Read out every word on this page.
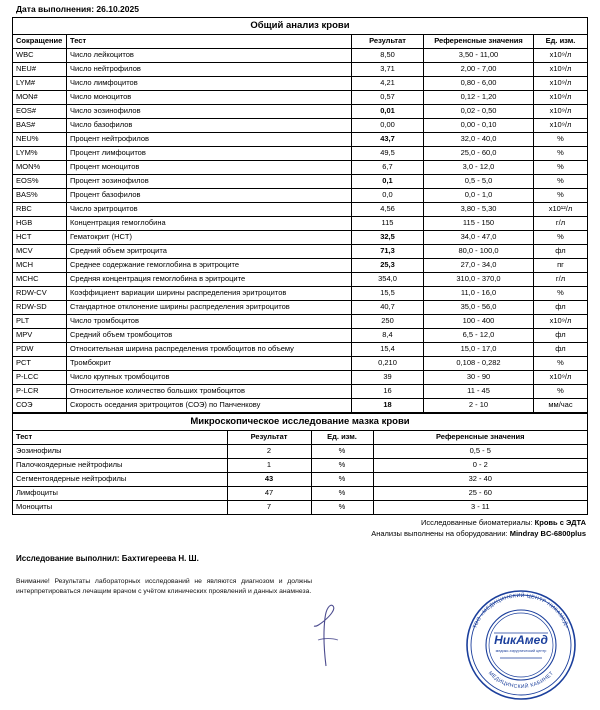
Дата выполнения: 26.10.2025
Общий анализ крови
Сокращение	Тест	Результат	Референсные значения	Ед. изм.
WBC	Число лейкоцитов	8,50	3,50 - 11,00	х10⁹/л
NEU#	Число нейтрофилов	3,71	2,00 - 7,00	х10⁹/л
LYM#	Число лимфоцитов	4,21	0,80 - 6,00	х10⁹/л
MON#	Число моноцитов	0,57	0,12 - 1,20	х10⁹/л
EOS#	Число эозинофилов	0,01	0,02 - 0,50	х10⁹/л
BAS#	Число базофилов	0,00	0,00 - 0,10	х10⁹/л
NEU%	Процент нейтрофилов	43,7	32,0 - 40,0	%
LYM%	Процент лимфоцитов	49,5	25,0 - 60,0	%
MON%	Процент моноцитов	6,7	3,0 - 12,0	%
EOS%	Процент эозинофилов	0,1	0,5 - 5,0	%
BAS%	Процент базофилов	0,0	0,0 - 1,0	%
RBC	Число эритроцитов	4,56	3,80 - 5,30	х10¹²/л
HGB	Концентрация гемоглобина	115	115 - 150	г/л
HCT	Гематокрит (HCT)	32,5	34,0 - 47,0	%
MCV	Средний объем эритроцита	71,3	80,0 - 100,0	фл
MCH	Среднее содержание гемоглобина в эритроците	25,3	27,0 - 34,0	пг
MCHC	Средняя концентрация гемоглобина в эритроците	354,0	310,0 - 370,0	г/л
RDW-CV	Коэффициент вариации ширины распределения эритроцитов	15,5	11,0 - 16,0	%
RDW-SD	Стандартное отклонение ширины распределения эритроцитов	40,7	35,0 - 56,0	фл
PLT	Число тромбоцитов	250	100 - 400	х10⁹/л
MPV	Средний объем тромбоцитов	8,4	6,5 - 12,0	фл
PDW	Относительная ширина распределения тромбоцитов по объему	15,4	15,0 - 17,0	фл
PCT	Тромбокрит	0,210	0,108 - 0,282	%
P-LCC	Число крупных тромбоцитов	39	30 - 90	х10⁹/л
P-LCR	Относительное количество больших тромбоцитов	16	11 - 45	%
СОЭ	Скорость оседания эритроцитов (СОЭ) по Панченкову	18	2 - 10	мм/час
Микроскопическое исследование мазка крови
Тест	Результат	Ед. изм.	Референсные значения
Эозинофилы	2	%	0,5 - 5
Палочкоядерные нейтрофилы	1	%	0 - 2
Сегментоядерные нейтрофилы	43	%	32 - 40
Лимфоциты	47	%	25 - 60
Моноциты	7	%	3 - 11
Исследованные биоматериалы: Кровь с ЭДТА
Анализы выполнены на оборудовании: Mindray BC-6800plus
Исследование выполнил: Бахтигереева Н. Ш.
Внимание! Результаты лабораторных исследований не являются диагнозом и должны интерпретироваться лечащим врачом с учётом клинических проявлений и данных анамнеза.
ТОО «МЕДИЦИНСКИЙ ЦЕНТР НИКАМЕД»
МЕДИЦИНСКИЙ КАБИНЕТ
НикАмед
медико-хирургический центр
